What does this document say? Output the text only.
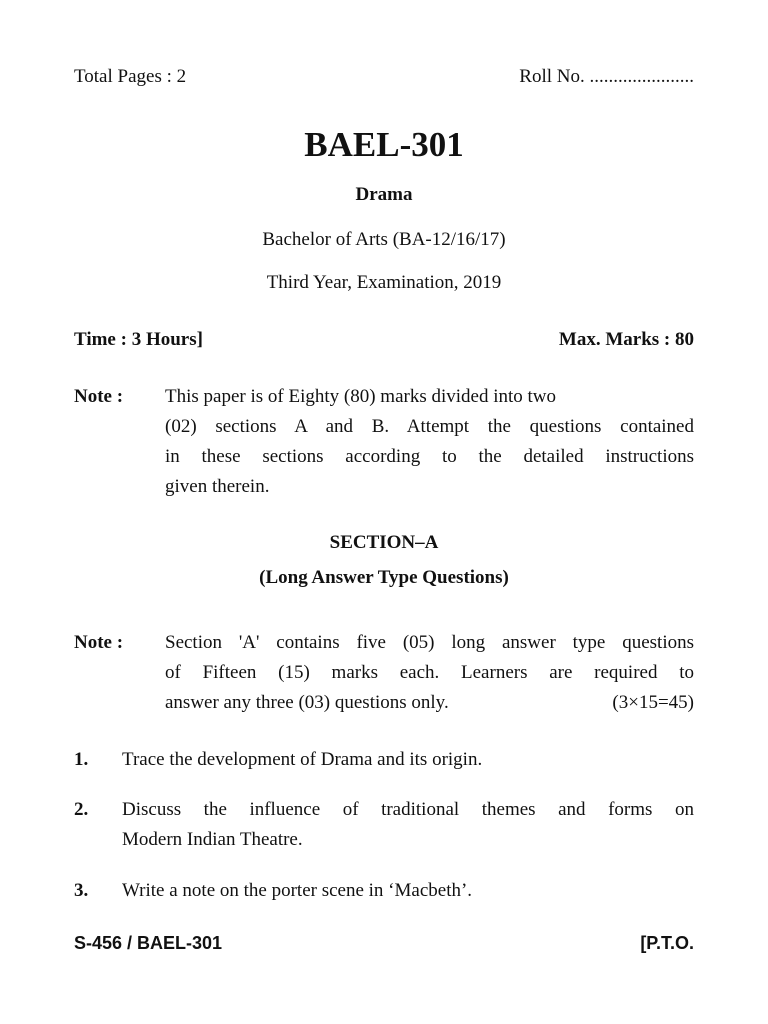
Total Pages : 2	Roll No. ......................
BAEL-301
Drama
Bachelor of Arts (BA-12/16/17)
Third Year, Examination, 2019
Time : 3 Hours]	Max. Marks : 80
Note : This paper is of Eighty (80) marks divided into two
(02) sections A and B. Attempt the questions contained
in these sections according to the detailed instructions
given therein.
SECTION–A
(Long Answer Type Questions)
Note : Section 'A' contains five (05) long answer type questions
of Fifteen (15) marks each. Learners are required to
answer any three (03) questions only.	(3×15=45)
1. Trace the development of Drama and its origin.
2. Discuss the influence of traditional themes and forms on
Modern Indian Theatre.
3. Write a note on the porter scene in ‘Macbeth’.
S-456 / BAEL-301	[P.T.O.
